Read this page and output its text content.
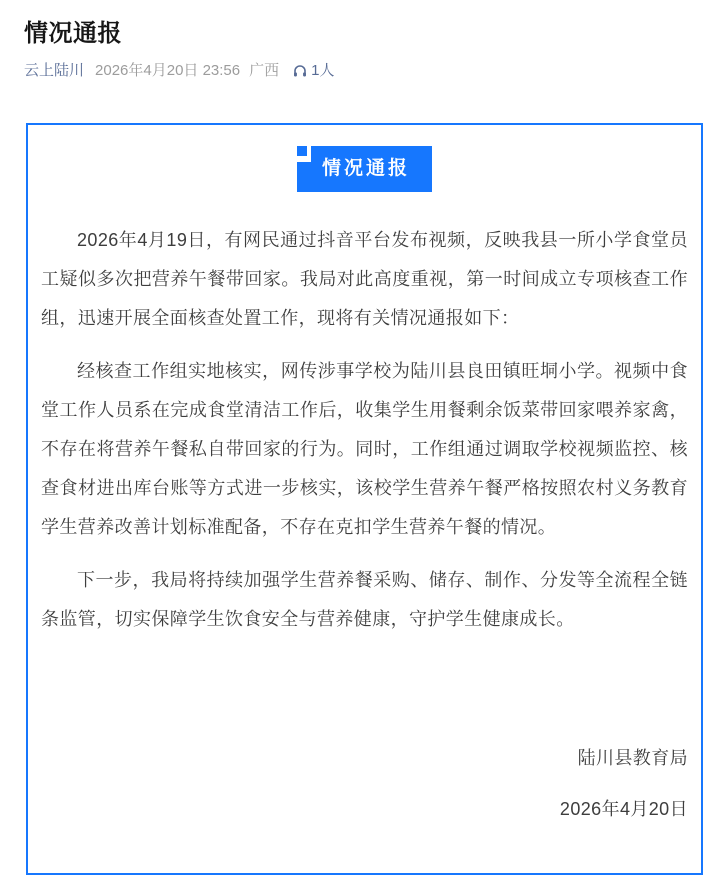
情况通报
云上陆川 2026年4月20日 23:56 广西 1人
情况通报

2026年4月19日，有网民通过抖音平台发布视频，反映我县一所小学食堂员工疑似多次把营养午餐带回家。我局对此高度重视，第一时间成立专项核查工作组，迅速开展全面核查处置工作，现将有关情况通报如下：

经核查工作组实地核实，网传涉事学校为陆川县良田镇旺垌小学。视频中食堂工作人员系在完成食堂清洁工作后，收集学生用餐剩余饭菜带回家喂养家禽，不存在将营养午餐私自带回家的行为。同时，工作组通过调取学校视频监控、核查食材进出库台账等方式进一步核实，该校学生营养午餐严格按照农村义务教育学生营养改善计划标准配备，不存在克扣学生营养午餐的情况。

下一步，我局将持续加强学生营养餐采购、储存、制作、分发等全流程全链条监管，切实保障学生饮食安全与营养健康，守护学生健康成长。

陆川县教育局

2026年4月20日
